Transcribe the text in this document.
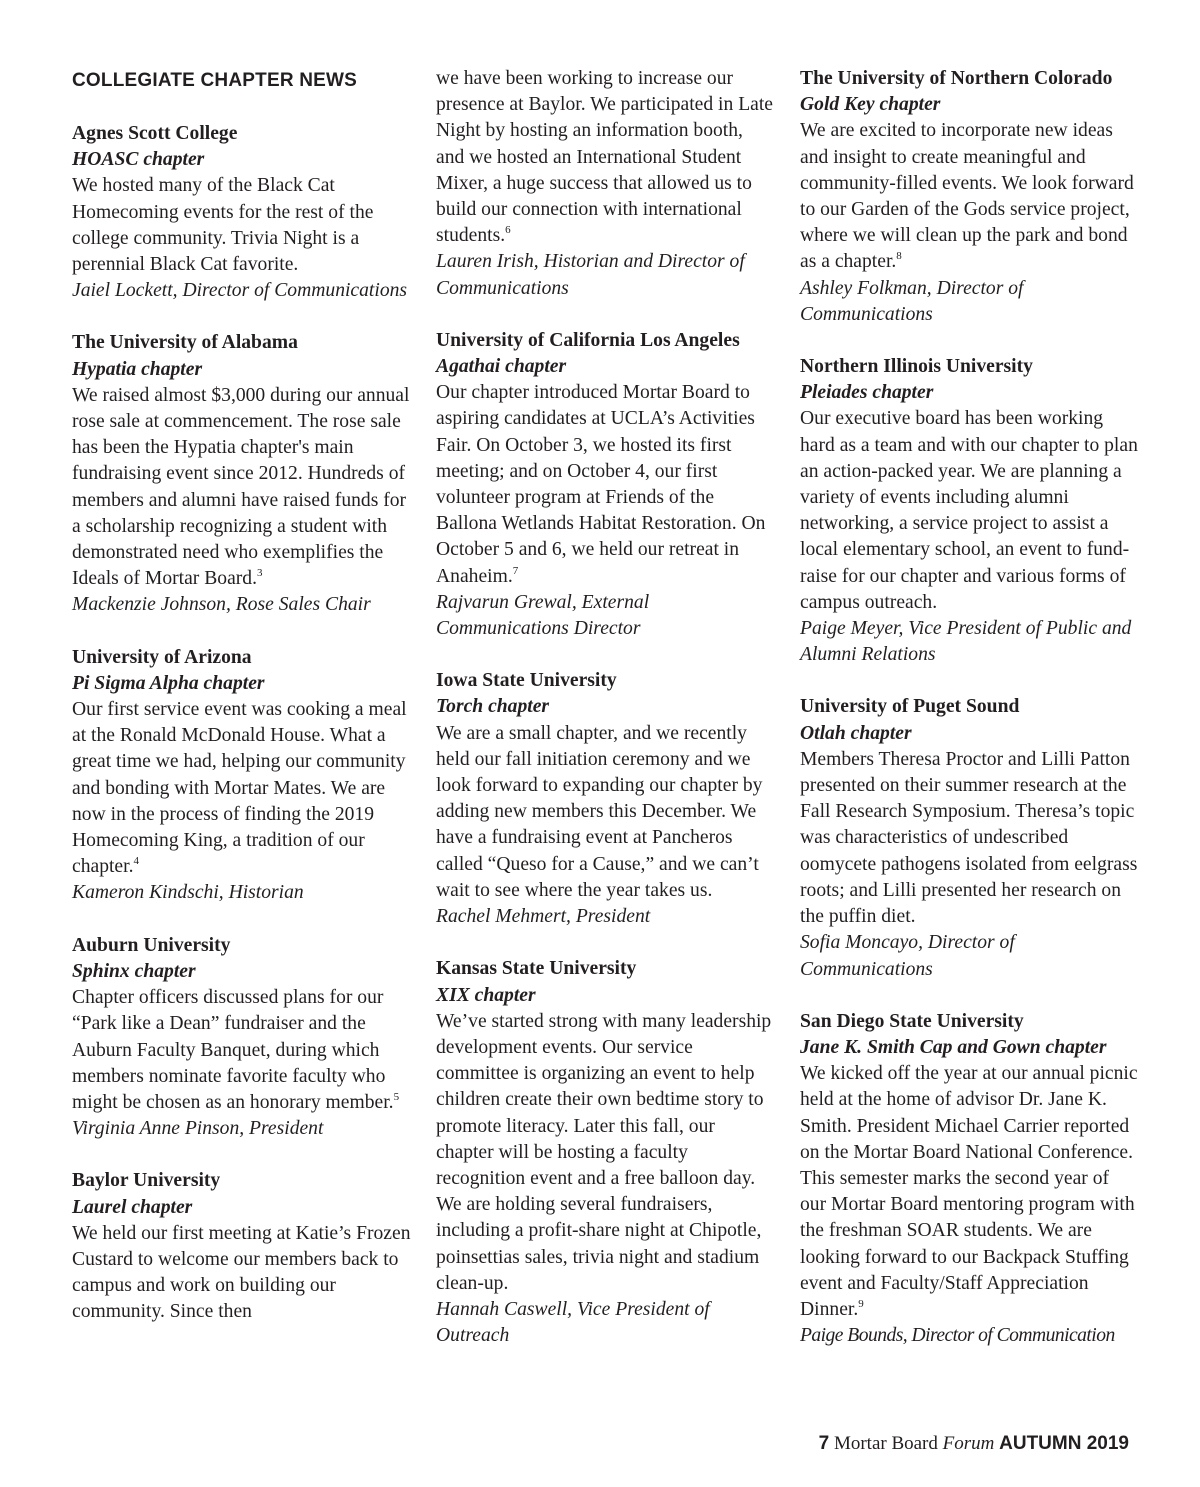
COLLEGIATE CHAPTER NEWS
Agnes Scott College
HOASC chapter

We hosted many of the Black Cat Homecoming events for the rest of the college community. Trivia Night is a perennial Black Cat favorite.

Jaiel Lockett, Director of Communications
The University of Alabama
Hypatia chapter

We raised almost $3,000 during our annual rose sale at commencement. The rose sale has been the Hypatia chapter's main fundraising event since 2012. Hundreds of members and alumni have raised funds for a scholarship recognizing a student with demonstrated need who exemplifies the Ideals of Mortar Board.$^3$

Mackenzie Johnson, Rose Sales Chair
University of Arizona
Pi Sigma Alpha chapter

Our first service event was cooking a meal at the Ronald McDonald House. What a great time we had, helping our community and bonding with Mortar Mates. We are now in the process of finding the 2019 Homecoming King, a tradition of our chapter.$^4$

Kameron Kindschi, Historian
Auburn University
Sphinx chapter

Chapter officers discussed plans for our “Park like a Dean” fundraiser and the Auburn Faculty Banquet, during which members nominate favorite faculty who might be chosen as an honorary member.$^5$

Virginia Anne Pinson, President
Baylor University
Laurel chapter

We held our first meeting at Katie’s Frozen Custard to welcome our members back to campus and work on building our community. Since then

we have been working to increase our presence at Baylor. We participated in Late Night by hosting an information booth, and we hosted an International Student Mixer, a huge success that allowed us to build our connection with international students.$^6$

Lauren Irish, Historian and Director of Communications
University of California Los Angeles
Agathai chapter

Our chapter introduced Mortar Board to aspiring candidates at UCLA’s Activities Fair. On October 3, we hosted its first meeting; and on October 4, our first volunteer program at Friends of the Ballona Wetlands Habitat Restoration. On October 5 and 6, we held our retreat in Anaheim.$^7$

Rajvarun Grewal, External Communications Director
Iowa State University
Torch chapter

We are a small chapter, and we recently held our fall initiation ceremony and we look forward to expanding our chapter by adding new members this December. We have a fundraising event at Pancheros called “Queso for a Cause,” and we can’t wait to see where the year takes us.

Rachel Mehmert, President
Kansas State University
XIX chapter

We’ve started strong with many leadership development events. Our service committee is organizing an event to help children create their own bedtime story to promote literacy. Later this fall, our chapter will be hosting a faculty recognition event and a free balloon day. We are holding several fundraisers, including a profit-share night at Chipotle, poinsettias sales, trivia night and stadium clean-up.

Hannah Caswell, Vice President of Outreach
The University of Northern Colorado
Gold Key chapter

We are excited to incorporate new ideas and insight to create meaningful and community-filled events. We look forward to our Garden of the Gods service project, where we will clean up the park and bond as a chapter.$^8$

Ashley Folkman, Director of Communications
Northern Illinois University
Pleiades chapter

Our executive board has been working hard as a team and with our chapter to plan an action-packed year. We are planning a variety of events including alumni networking, a service project to assist a local elementary school, an event to fund-raise for our chapter and various forms of campus outreach.

Paige Meyer, Vice President of Public and Alumni Relations
University of Puget Sound
Otlah chapter

Members Theresa Proctor and Lilli Patton presented on their summer research at the Fall Research Symposium. Theresa’s topic was characteristics of undescribed oomycete pathogens isolated from eelgrass roots; and Lilli presented her research on the puffin diet.

Sofia Moncayo, Director of Communications
San Diego State University
Jane K. Smith Cap and Gown chapter

We kicked off the year at our annual picnic held at the home of advisor Dr. Jane K. Smith. President Michael Carrier reported on the Mortar Board National Conference. This semester marks the second year of our Mortar Board mentoring program with the freshman SOAR students. We are looking forward to our Backpack Stuffing event and Faculty/Staff Appreciation Dinner.$^9$

Paige Bounds, Director of Communication
7 Mortar Board Forum AUTUMN 2019
